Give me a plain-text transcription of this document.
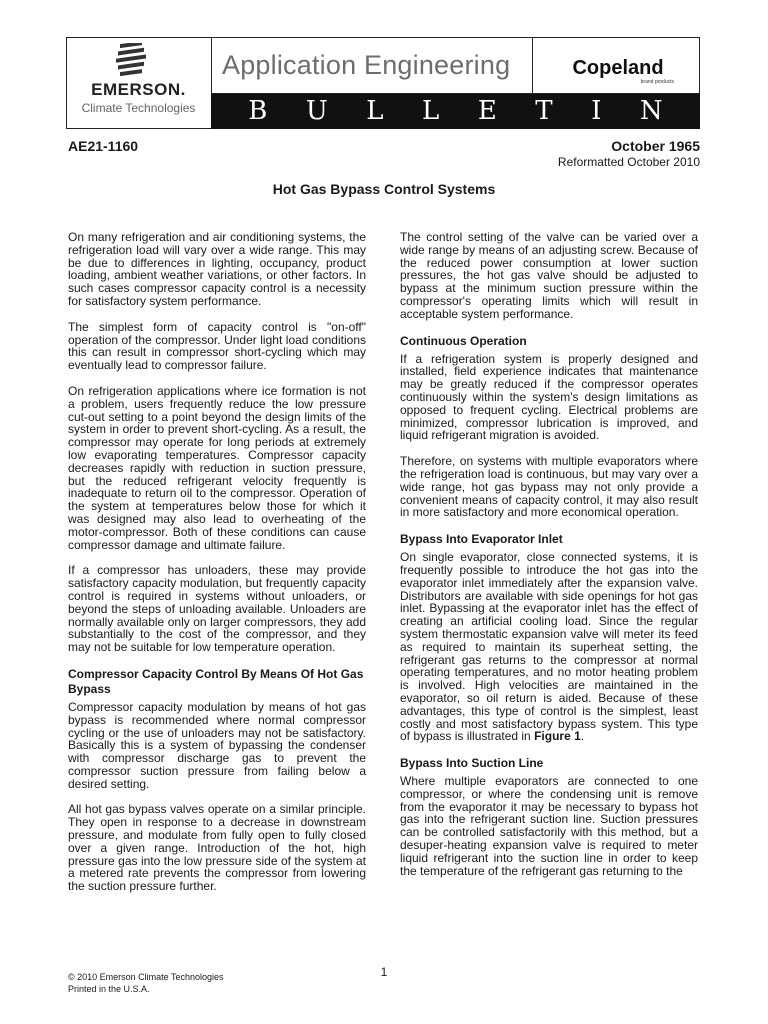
EMERSON.
Climate Technologies
Application Engineering	Copeland
brand products
B U L L E T I N
AE21-1160	October 1965
Reformatted October 2010
Hot Gas Bypass Control Systems

On many refrigeration and air conditioning systems, the refrigeration load will vary over a wide range. This may be due to differences in lighting, occupancy, product loading, ambient weather variations, or other factors. In such cases compressor capacity control is a necessity for satisfactory system performance.

The simplest form of capacity control is "on-off" operation of the compressor. Under light load conditions this can result in compressor short-cycling which may eventually lead to compressor failure.

On refrigeration applications where ice formation is not a problem, users frequently reduce the low pressure cut-out setting to a point beyond the design limits of the system in order to prevent short-cycling. As a result, the compressor may operate for long periods at extremely low evaporating temperatures. Compressor capacity decreases rapidly with reduction in suction pressure, but the reduced refrigerant velocity frequently is inadequate to return oil to the compressor. Operation of the system at temperatures below those for which it was designed may also lead to overheating of the motor-compressor. Both of these conditions can cause compressor damage and ultimate failure.

If a compressor has unloaders, these may provide satisfactory capacity modulation, but frequently capacity control is required in systems without unloaders, or beyond the steps of unloading available. Unloaders are normally available only on larger compressors, they add substantially to the cost of the compressor, and they may not be suitable for low temperature operation.

Compressor Capacity Control By Means Of Hot Gas Bypass

Compressor capacity modulation by means of hot gas bypass is recommended where normal compressor cycling or the use of unloaders may not be satisfactory. Basically this is a system of bypassing the condenser with compressor discharge gas to prevent the compressor suction pressure from failing below a desired setting.

All hot gas bypass valves operate on a similar principle. They open in response to a decrease in downstream pressure, and modulate from fully open to fully closed over a given range. Introduction of the hot, high pressure gas into the low pressure side of the system at a metered rate prevents the compressor from lowering the suction pressure further.

The control setting of the valve can be varied over a wide range by means of an adjusting screw. Because of the reduced power consumption at lower suction pressures, the hot gas valve should be adjusted to bypass at the minimum suction pressure within the compressor's operating limits which will result in acceptable system performance.

Continuous Operation

If a refrigeration system is properly designed and installed, field experience indicates that maintenance may be greatly reduced if the compressor operates continuously within the system's design limitations as opposed to frequent cycling. Electrical problems are minimized, compressor lubrication is improved, and liquid refrigerant migration is avoided.

Therefore, on systems with multiple evaporators where the refrigeration load is continuous, but may vary over a wide range, hot gas bypass may not only provide a convenient means of capacity control, it may also result in more satisfactory and more economical operation.

Bypass Into Evaporator Inlet

On single evaporator, close connected systems, it is frequently possible to introduce the hot gas into the evaporator inlet immediately after the expansion valve. Distributors are available with side openings for hot gas inlet. Bypassing at the evaporator inlet has the effect of creating an artificial cooling load. Since the regular system thermostatic expansion valve will meter its feed as required to maintain its superheat setting, the refrigerant gas returns to the compressor at normal operating temperatures, and no motor heating problem is involved. High velocities are maintained in the evaporator, so oil return is aided. Because of these advantages, this type of control is the simplest, least costly and most satisfactory bypass system. This type of bypass is illustrated in Figure 1.

Bypass Into Suction Line

Where multiple evaporators are connected to one compressor, or where the condensing unit is remove from the evaporator it may be necessary to bypass hot gas into the refrigerant suction line. Suction pressures can be controlled satisfactorily with this method, but a desuper-heating expansion valve is required to meter liquid refrigerant into the suction line in order to keep the temperature of the refrigerant gas returning to the

© 2010 Emerson Climate Technologies
Printed in the U.S.A.
1
